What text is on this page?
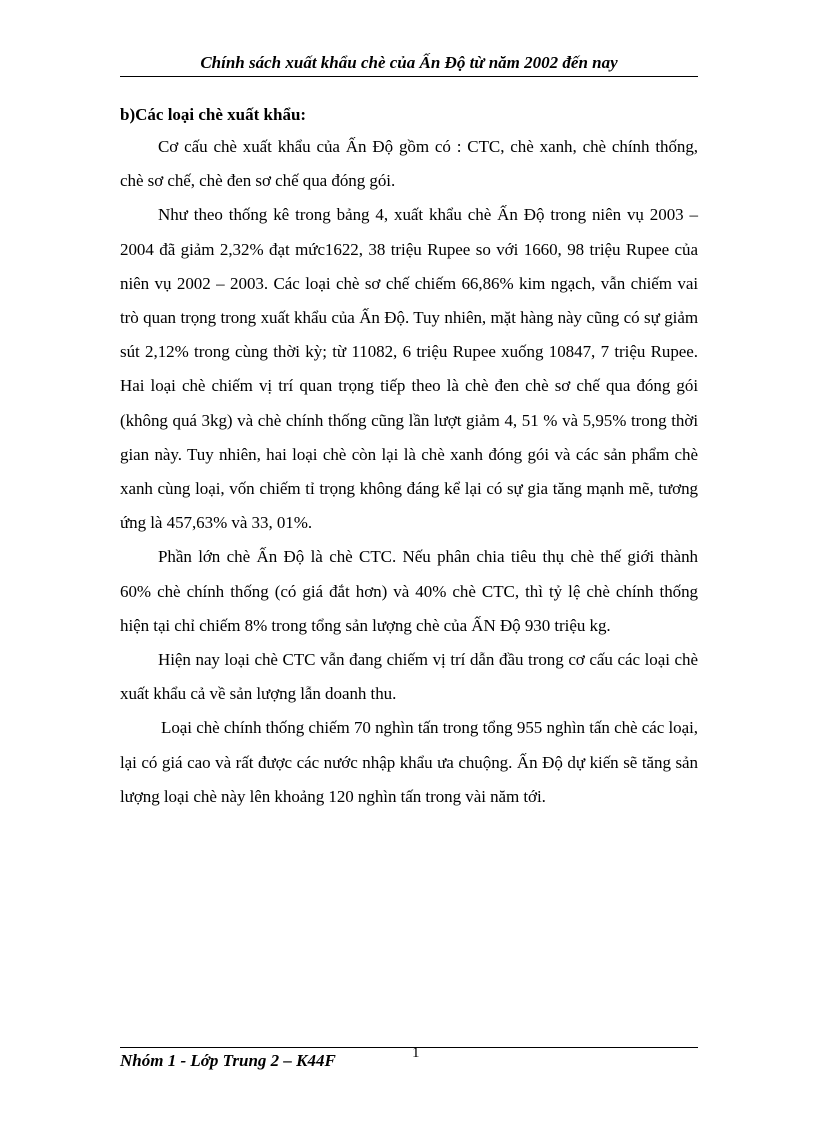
Chính sách xuất khẩu chè của Ấn Độ từ năm 2002 đến nay

b)Các loại chè xuất khẩu:

Cơ cấu chè xuất khẩu của Ấn Độ gồm có : CTC, chè xanh, chè chính thống, chè sơ chế, chè đen sơ chế qua đóng gói.

Như theo thống kê trong bảng 4, xuất khẩu chè Ấn Độ trong niên vụ 2003 – 2004 đã giảm 2,32% đạt mức1622, 38 triệu Rupee so với 1660, 98 triệu Rupee của niên vụ 2002 – 2003. Các loại chè sơ chế chiếm 66,86% kim ngạch, vẫn chiếm vai trò quan trọng trong xuất khẩu của Ấn Độ. Tuy nhiên, mặt hàng này cũng có sự giảm sút 2,12% trong cùng thời kỳ; từ 11082, 6 triệu Rupee xuống 10847, 7 triệu Rupee. Hai loại chè chiếm vị trí quan trọng tiếp theo là chè đen chè sơ chế qua đóng gói (không quá 3kg) và chè chính thống cũng lần lượt giảm 4, 51 % và 5,95% trong thời gian này. Tuy nhiên, hai loại chè còn lại là chè xanh đóng gói và các sản phẩm chè xanh cùng loại, vốn chiếm tỉ trọng không đáng kể lại có sự gia tăng mạnh mẽ, tương ứng là 457,63% và 33, 01%.

Phần lớn chè Ấn Độ là chè CTC. Nếu phân chia tiêu thụ chè thế giới thành 60% chè chính thống (có giá đắt hơn) và 40% chè CTC, thì tỷ lệ chè chính thống hiện tại chỉ chiếm 8% trong tổng sản lượng chè của ẤN Độ 930 triệu kg.

Hiện nay loại chè CTC vẫn đang chiếm vị trí dẫn đầu trong cơ cấu các loại chè xuất khẩu cả về sản lượng lẫn doanh thu.

Loại chè chính thống chiếm 70 nghìn tấn trong tổng 955 nghìn tấn chè các loại, lại có giá cao và rất được các nước nhập khẩu ưa chuộng. Ấn Độ dự kiến sẽ tăng sản lượng loại chè này lên khoảng 120 nghìn tấn trong vài năm tới.

Nhóm 1 - Lớp Trung 2 – K44F	1
